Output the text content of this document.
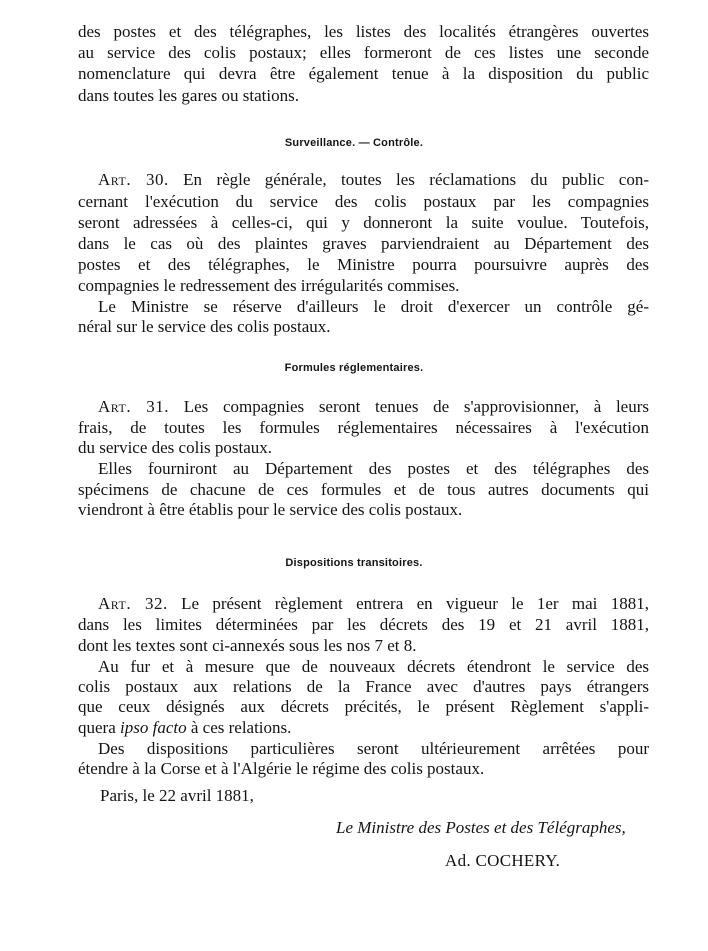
des postes et des télégraphes, les listes des localités étrangères ouvertes
au service des colis postaux; elles formeront de ces listes une seconde
nomenclature qui devra être également tenue à la disposition du public
dans toutes les gares ou stations.
Surveillance. — Contrôle.
Art. 30. En règle générale, toutes les réclamations du public con-
cernant l'exécution du service des colis postaux par les compagnies
seront adressées à celles-ci, qui y donneront la suite voulue. Toutefois,
dans le cas où des plaintes graves parviendraient au Département des
postes et des télégraphes, le Ministre pourra poursuivre auprès des
compagnies le redressement des irrégularités commises.
Le Ministre se réserve d'ailleurs le droit d'exercer un contrôle gé-
néral sur le service des colis postaux.
Formules réglementaires.
Art. 31. Les compagnies seront tenues de s'approvisionner, à leurs
frais, de toutes les formules réglementaires nécessaires à l'exécution
du service des colis postaux.
Elles fourniront au Département des postes et des télégraphes des
spécimens de chacune de ces formules et de tous autres documents qui
viendront à être établis pour le service des colis postaux.
Dispositions transitoires.
Art. 32. Le présent règlement entrera en vigueur le 1er mai 1881,
dans les limites déterminées par les décrets des 19 et 21 avril 1881,
dont les textes sont ci-annexés sous les nos 7 et 8.
Au fur et à mesure que de nouveaux décrets étendront le service des
colis postaux aux relations de la France avec d'autres pays étrangers
que ceux désignés aux décrets précités, le présent Règlement s'appli-
quera ipso facto à ces relations.
Des dispositions particulières seront ultérieurement arrêtées pour
étendre à la Corse et à l'Algérie le régime des colis postaux.
Paris, le 22 avril 1881,
Le Ministre des Postes et des Télégraphes,
Ad. COCHERY.
